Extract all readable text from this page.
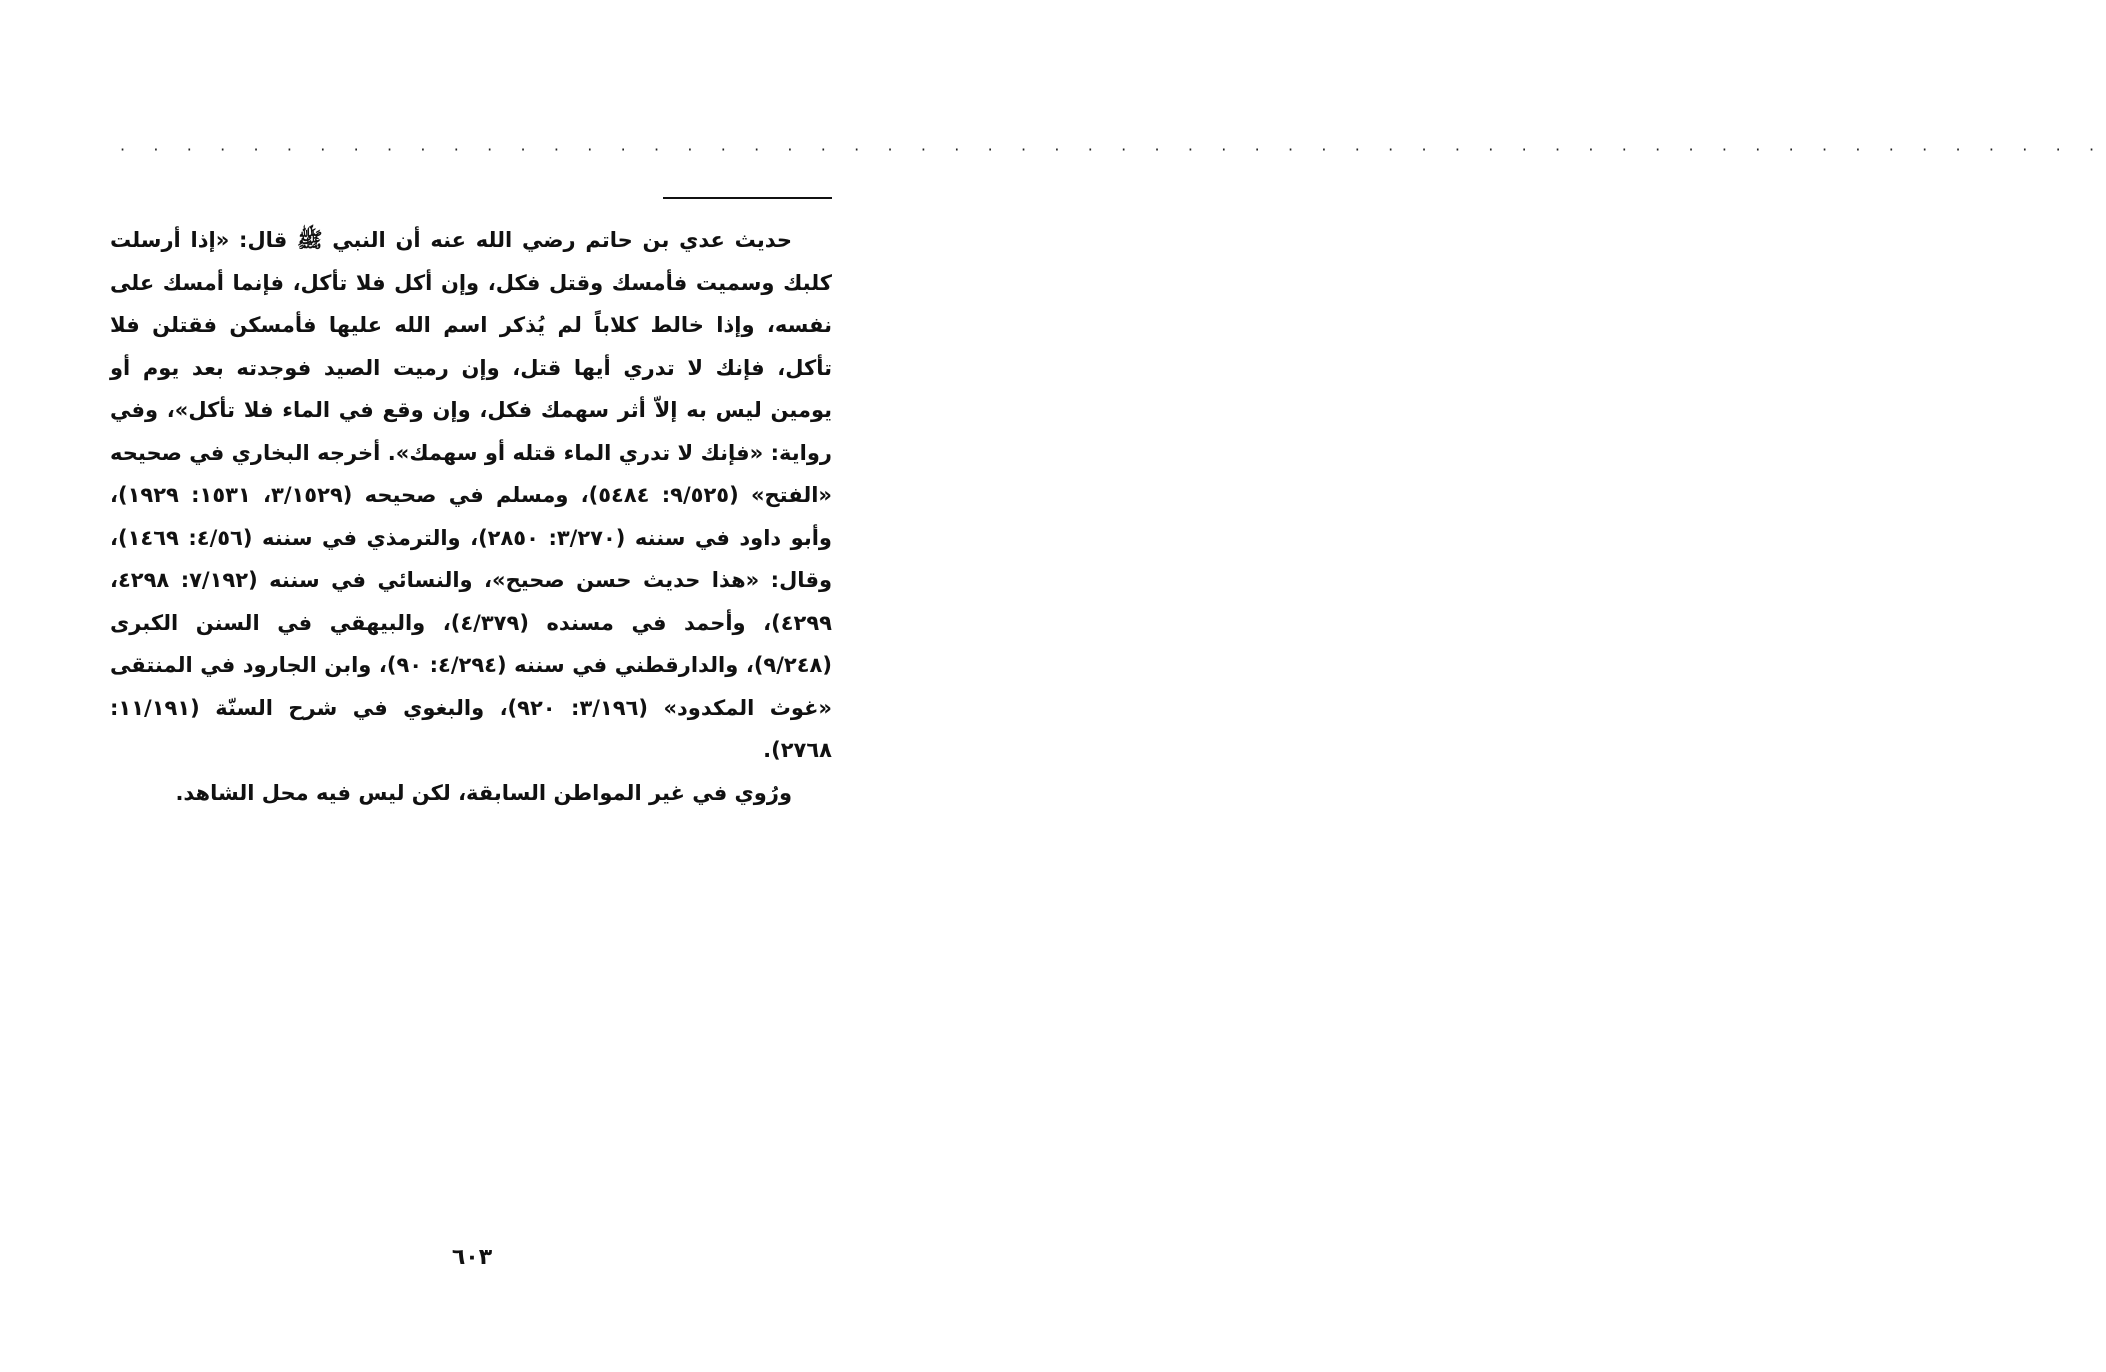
· · · · · · · · · · · · · · · · · · · · · · · · · · · · · · · · · · · · · · · · · · · · · · · · · · · · · · · · · · · ·

حديث عدي بن حاتم رضي الله عنه أن النبي ﷺ قال: «إذا أرسلت كلبك وسميت فأمسك وقتل فكل، وإن أكل فلا تأكل، فإنما أمسك على نفسه، وإذا خالط كلاباً لم يُذكر اسم الله عليها فأمسكن فقتلن فلا تأكل، فإنك لا تدري أيها قتل، وإن رميت الصيد فوجدته بعد يوم أو يومين ليس به إلاّ أثر سهمك فكل، وإن وقع في الماء فلا تأكل»، وفي رواية: «فإنك لا تدري الماء قتله أو سهمك». أخرجه البخاري في صحيحه «الفتح» (٩/٥٢٥: ٥٤٨٤)، ومسلم في صحيحه (٣/١٥٢٩، ١٥٣١: ١٩٢٩)، وأبو داود في سننه (٣/٢٧٠: ٢٨٥٠)، والترمذي في سننه (٤/٥٦: ١٤٦٩)، وقال: «هذا حديث حسن صحيح»، والنسائي في سننه (٧/١٩٢: ٤٢٩٨، ٤٢٩٩)، وأحمد في مسنده (٤/٣٧٩)، والبيهقي في السنن الكبرى (٩/٢٤٨)، والدارقطني في سننه (٤/٢٩٤: ٩٠)، وابن الجارود في المنتقى «غوث المكدود» (٣/١٩٦: ٩٢٠)، والبغوي في شرح السنّة (١١/١٩١: ٢٧٦٨).

ورُوي في غير المواطن السابقة، لكن ليس فيه محل الشاهد.

٦٠٣
